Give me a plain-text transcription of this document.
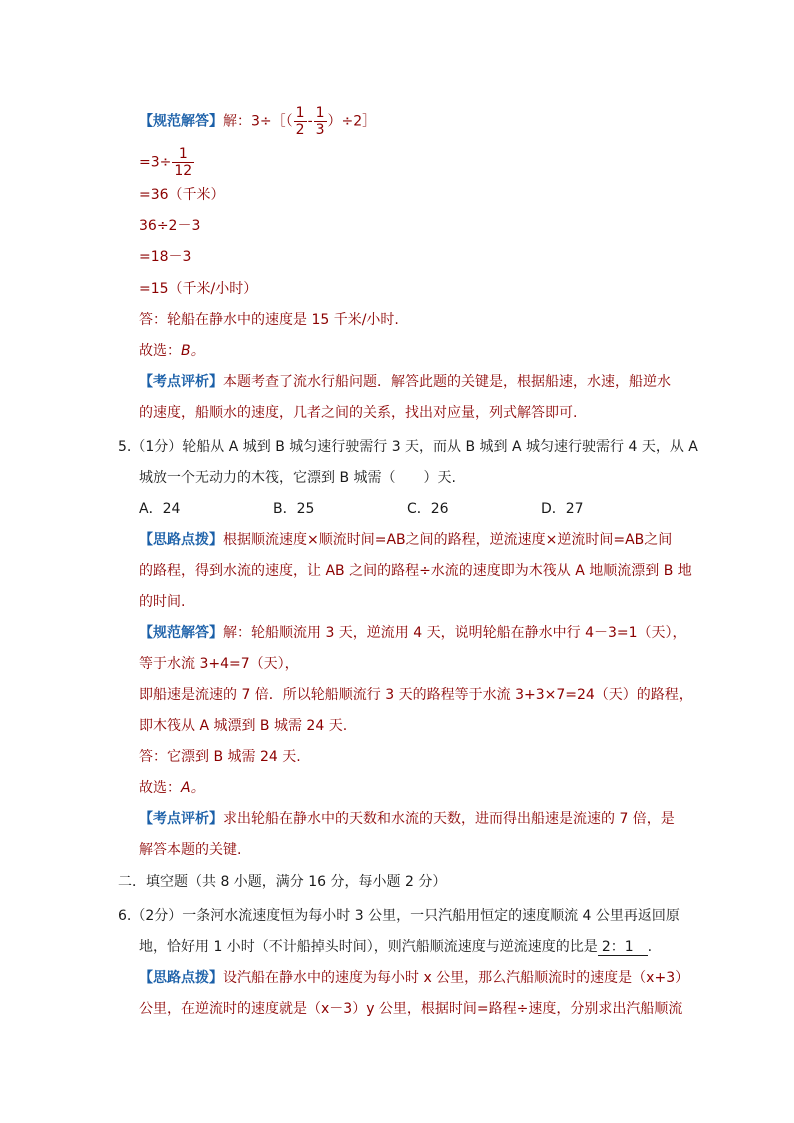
【规范解答】解：3÷［（ $\frac{1}{2} - \frac{1}{3}$ ）÷2］
$=3\div \frac{1}{12}$
=36（千米）
36÷2－3
=18－3
=15（千米/小时）
答：轮船在静水中的速度是 15 千米/小时.
故选：B。
【考点评析】本题考查了流水行船问题．解答此题的关键是，根据船速，水速，船逆水
的速度，船顺水的速度，几者之间的关系，找出对应量，列式解答即可.
5.（1分）轮船从 A 城到 B 城匀速行驶需行 3 天，而从 B 城到 A 城匀速行驶需行 4 天，从 A
城放一个无动力的木筏，它漂到 B 城需（　　）天.
A．24	B．25	C．26	D．27
【思路点拨】根据顺流速度×顺流时间=AB之间的路程，逆流速度×逆流时间=AB之间
的路程，得到水流的速度，让 AB 之间的路程÷水流的速度即为木筏从 A 地顺流漂到 B 地
的时间.
【规范解答】解：轮船顺流用 3 天，逆流用 4 天，说明轮船在静水中行 4－3=1（天），
等于水流 3+4=7（天），
即船速是流速的 7 倍．所以轮船顺流行 3 天的路程等于水流 3+3×7=24（天）的路程，
即木筏从 A 城漂到 B 城需 24 天.
答：它漂到 B 城需 24 天.
故选：A。
【考点评析】求出轮船在静水中的天数和水流的天数，进而得出船速是流速的 7 倍，是
解答本题的关键.
二．填空题（共 8 小题，满分 16 分，每小题 2 分）
6.（2分）一条河水流速度恒为每小时 3 公里，一只汽船用恒定的速度顺流 4 公里再返回原
地，恰好用 1 小时（不计船掉头时间），则汽船顺流速度与逆流速度的比是 2：1 .
【思路点拨】设汽船在静水中的速度为每小时 x 公里，那么汽船顺流时的速度是（x+3）
公里，在逆流时的速度就是（x－3）y 公里，根据时间=路程÷速度，分别求出汽船顺流
